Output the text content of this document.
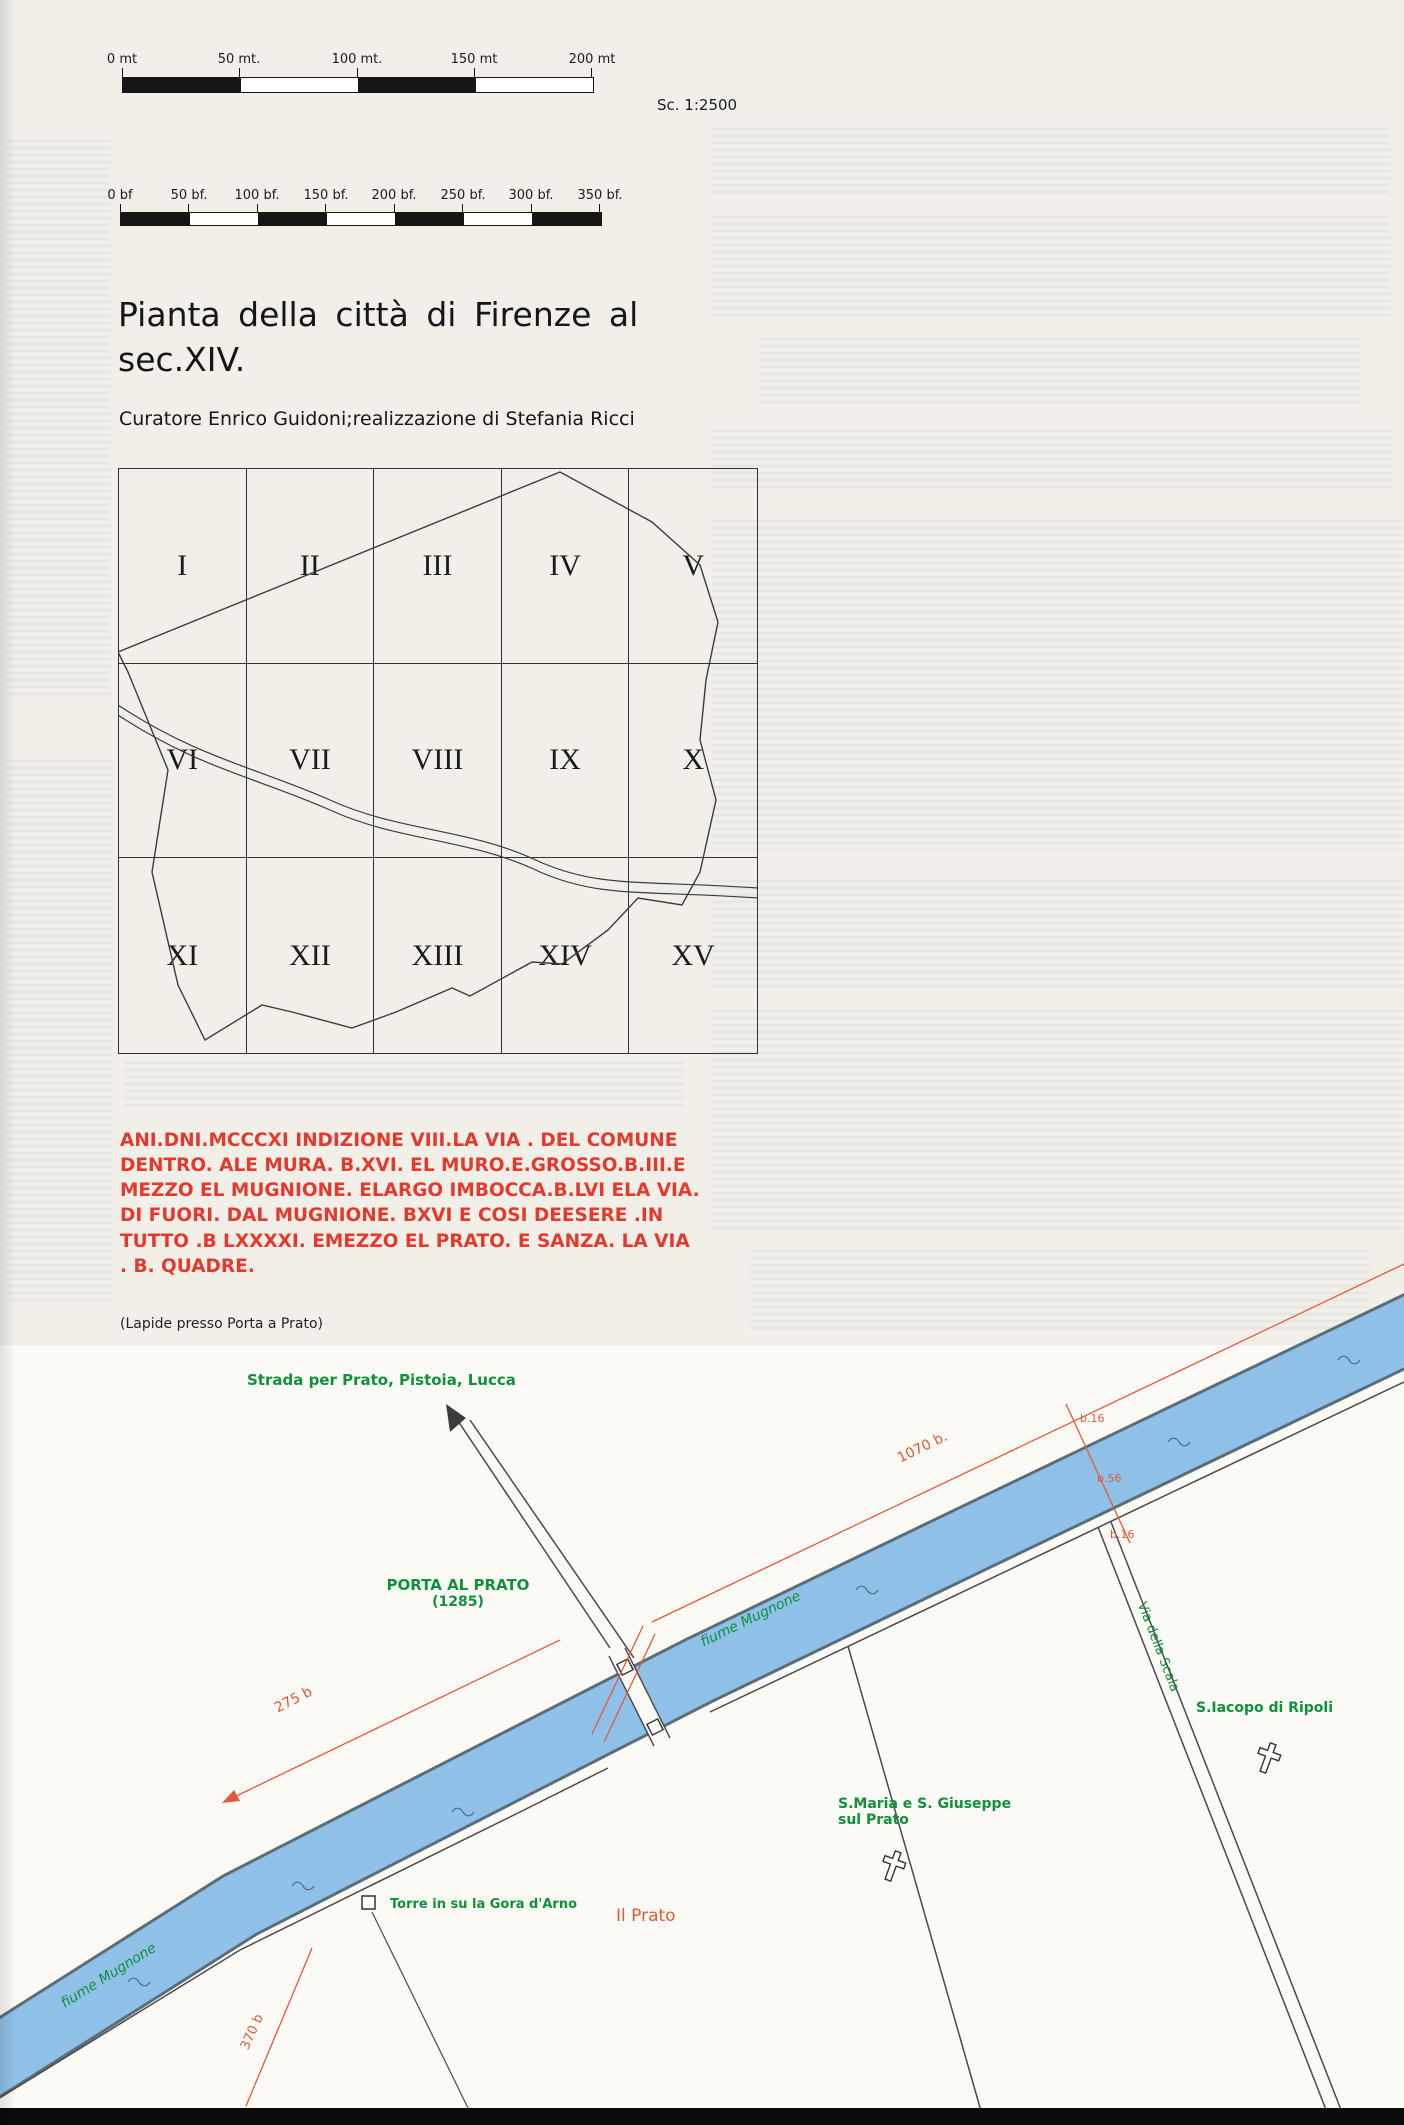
0 mt	50 mt.	100 mt.	150 mt	200 mt
Sc. 1:2500
0 bf	50 bf. 100 bf. 150 bf. 200 bf. 250 bf. 300 bf. 350 bf.
Pianta della città di Firenze al
sec.XIV.
Curatore Enrico Guidoni;realizzazione di Stefania Ricci
I	II	III	IV	V
VI	VII	VIII	IX	X
XI	XII	XIII	XIV	XV
ANI.DNI.MCCCXI INDIZIONE VIII.LA VIA . DEL COMUNE
DENTRO. ALE MURA. B.XVI. EL MURO.E.GROSSO.B.III.E
MEZZO EL MUGNIONE. ELARGO IMBOCCA.B.LVI ELA VIA.
DI FUORI. DAL MUGNIONE. BXVI E COSI DEESERE .IN
TUTTO .B LXXXXI. EMEZZO EL PRATO. E SANZA. LA VIA
. B. QUADRE.
(Lapide presso Porta a Prato)
Strada per Prato, Pistoia, Lucca
PORTA AL PRATO
(1285)	fiume Mugnone
fiume Mugnone
1070 b.
275 b
370 b
b.16
b.56
b.16
Via della Scala
S.Iacopo di Ripoli
S.Maria e S. Giuseppe
sul Prato
Torre in su la Gora d'Arno
Il Prato
